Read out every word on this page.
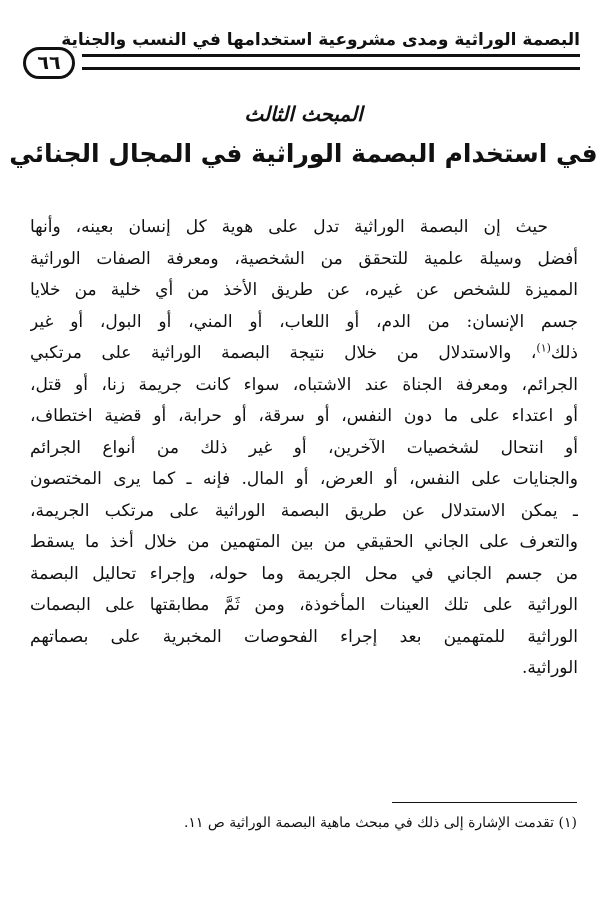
البصمة الوراثية ومدى مشروعية استخدامها في النسب والجناية
٦٦
المبحث الثالث
في استخدام البصمة الوراثية في المجال الجنائي
حيث إن البصمة الوراثية تدل على هوية كل إنسان بعينه، وأنها
أفضل وسيلة علمية للتحقق من الشخصية، ومعرفة الصفات الوراثية
المميزة للشخص عن غيره، عن طريق الأخذ من أي خلية من خلايا
جسم الإنسان: من الدم، أو اللعاب، أو المني، أو البول، أو غير
ذلك$^{(١)}$، والاستدلال من خلال نتيجة البصمة الوراثية على مرتكبي
الجرائم، ومعرفة الجناة عند الاشتباه، سواء كانت جريمة زنا، أو قتل،
أو اعتداء على ما دون النفس، أو سرقة، أو حرابة، أو قضية اختطاف،
أو انتحال لشخصيات الآخرين، أو غير ذلك من أنواع الجرائم
والجنايات على النفس، أو العرض، أو المال. فإنه ـ كما يرى المختصون
ـ يمكن الاستدلال عن طريق البصمة الوراثية على مرتكب الجريمة،
والتعرف على الجاني الحقيقي من بين المتهمين من خلال أخذ ما يسقط
من جسم الجاني في محل الجريمة وما حوله، وإجراء تحاليل البصمة
الوراثية على تلك العينات المأخوذة، ومن ثَمَّ مطابقتها على البصمات
الوراثية للمتهمين بعد إجراء الفحوصات المخبرية على بصماتهم
الوراثية.
(١) تقدمت الإشارة إلى ذلك في مبحث ماهية البصمة الوراثية ص ١١.
